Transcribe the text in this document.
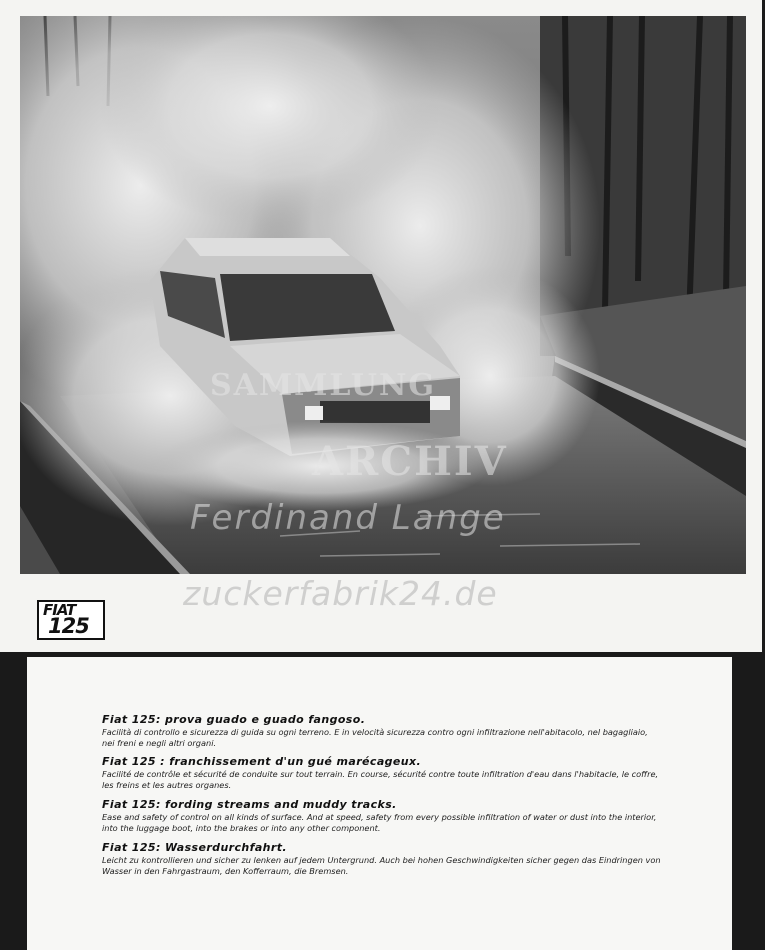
SAMMLUNG
ARCHIV
Ferdinand Lange
zuckerfabrik24.de
FIAT
125

Fiat 125: prova guado e guado fangoso.

Facilità di controllo e sicurezza di guida su ogni terreno. E in velocità sicurezza contro ogni infiltrazione nell'abitacolo, nel bagagliaio, nei freni e negli altri organi.

Fiat 125 : franchissement d'un gué marécageux.

Facilité de contrôle et sécurité de conduite sur tout terrain. En course, sécurité contre toute infiltration d'eau dans l'habitacle, le coffre, les freins et les autres organes.

Fiat 125: fording streams and muddy tracks.

Ease and safety of control on all kinds of surface. And at speed, safety from every possible infiltration of water or dust into the interior, into the luggage boot, into the brakes or into any other component.

Fiat 125: Wasserdurchfahrt.

Leicht zu kontrollieren und sicher zu lenken auf jedem Untergrund. Auch bei hohen Geschwindigkeiten sicher gegen das Eindringen von Wasser in den Fahrgastraum, den Kofferraum, die Bremsen.
